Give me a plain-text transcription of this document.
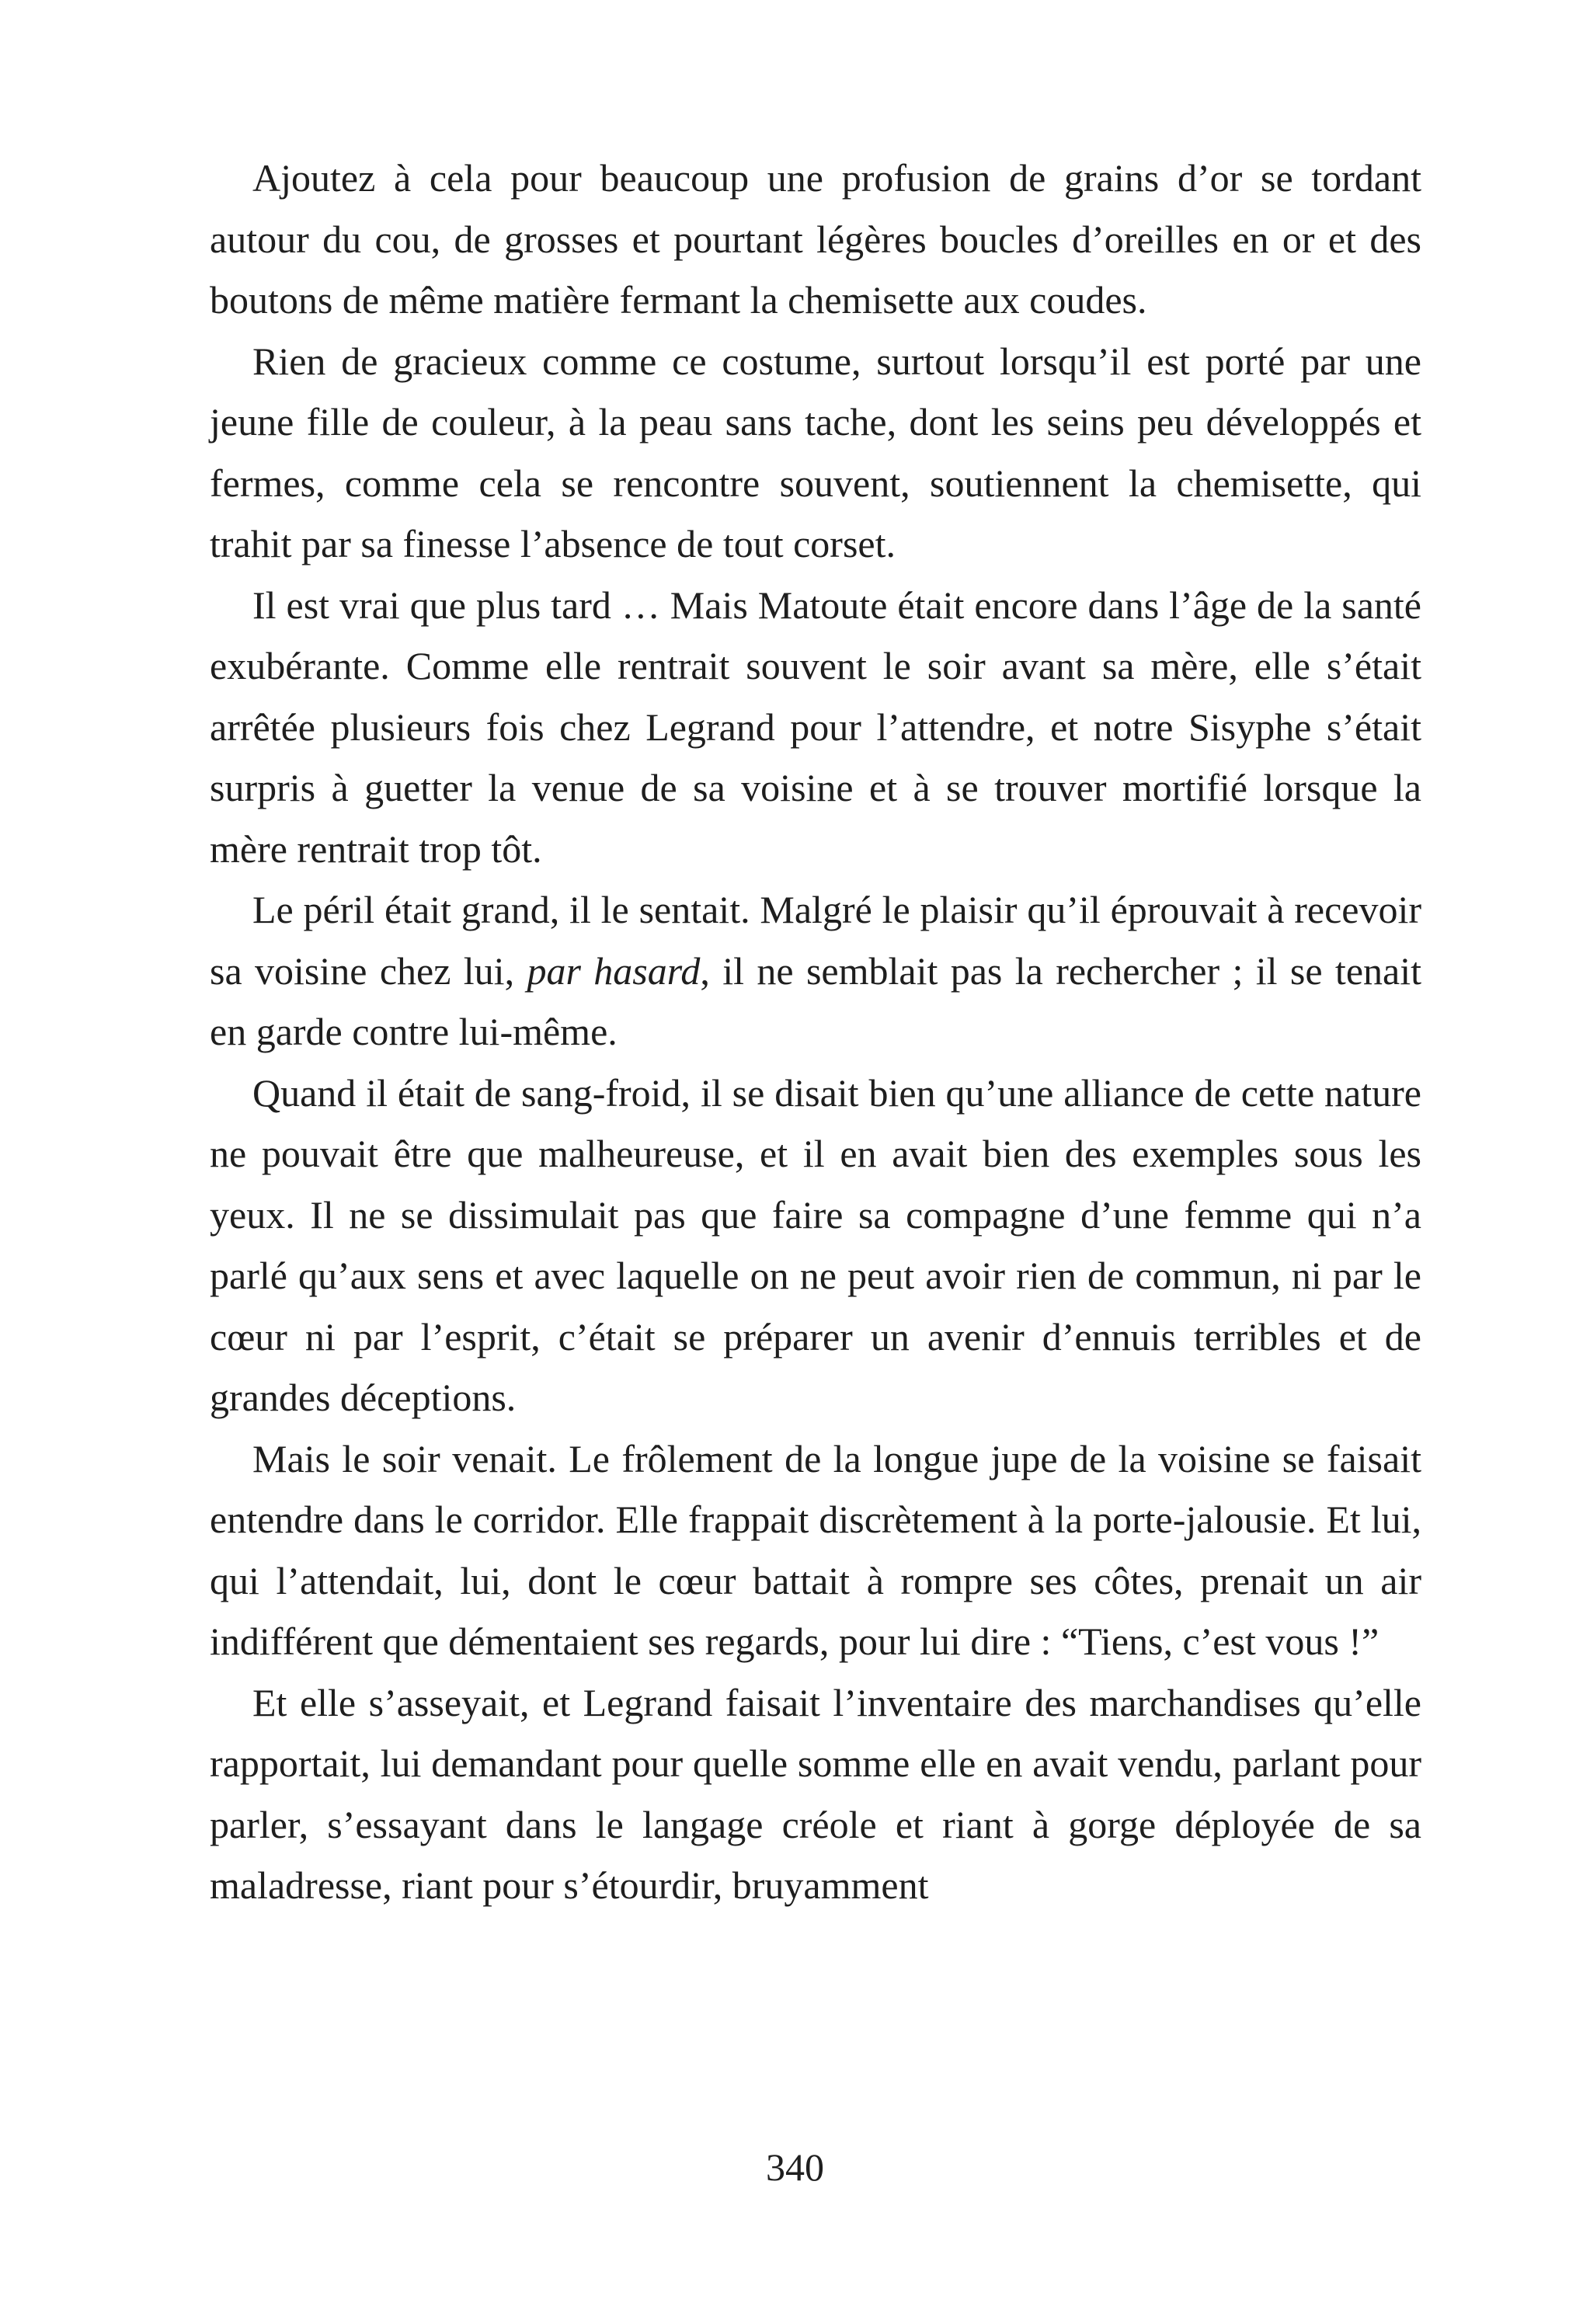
Ajoutez à cela pour beaucoup une profusion de grains d’or se tordant autour du cou, de grosses et pourtant légères boucles d’oreilles en or et des boutons de même matière fermant la chemisette aux coudes.

Rien de gracieux comme ce costume, surtout lorsqu’il est porté par une jeune fille de couleur, à la peau sans tache, dont les seins peu développés et fermes, comme cela se rencontre souvent, soutiennent la chemisette, qui trahit par sa finesse l’absence de tout corset.

Il est vrai que plus tard … Mais Matoute était encore dans l’âge de la santé exubérante. Comme elle rentrait souvent le soir avant sa mère, elle s’était arrêtée plusieurs fois chez Legrand pour l’attendre, et notre Sisyphe s’était surpris à guetter la venue de sa voisine et à se trouver mortifié lorsque la mère rentrait trop tôt.

Le péril était grand, il le sentait. Malgré le plaisir qu’il éprouvait à recevoir sa voisine chez lui, par hasard, il ne semblait pas la rechercher ; il se tenait en garde contre lui-même.

Quand il était de sang-froid, il se disait bien qu’une alliance de cette nature ne pouvait être que malheureuse, et il en avait bien des exemples sous les yeux. Il ne se dissimulait pas que faire sa compagne d’une femme qui n’a parlé qu’aux sens et avec laquelle on ne peut avoir rien de commun, ni par le cœur ni par l’esprit, c’était se préparer un avenir d’ennuis terribles et de grandes déceptions.

Mais le soir venait. Le frôlement de la longue jupe de la voisine se faisait entendre dans le corridor. Elle frappait discrètement à la porte-jalousie. Et lui, qui l’attendait, lui, dont le cœur battait à rompre ses côtes, prenait un air indifférent que démentaient ses regards, pour lui dire : “Tiens, c’est vous !”

Et elle s’asseyait, et Legrand faisait l’inventaire des marchandises qu’elle rapportait, lui demandant pour quelle somme elle en avait vendu, parlant pour parler, s’essayant dans le langage créole et riant à gorge déployée de sa maladresse, riant pour s’étourdir, bruyamment

340
